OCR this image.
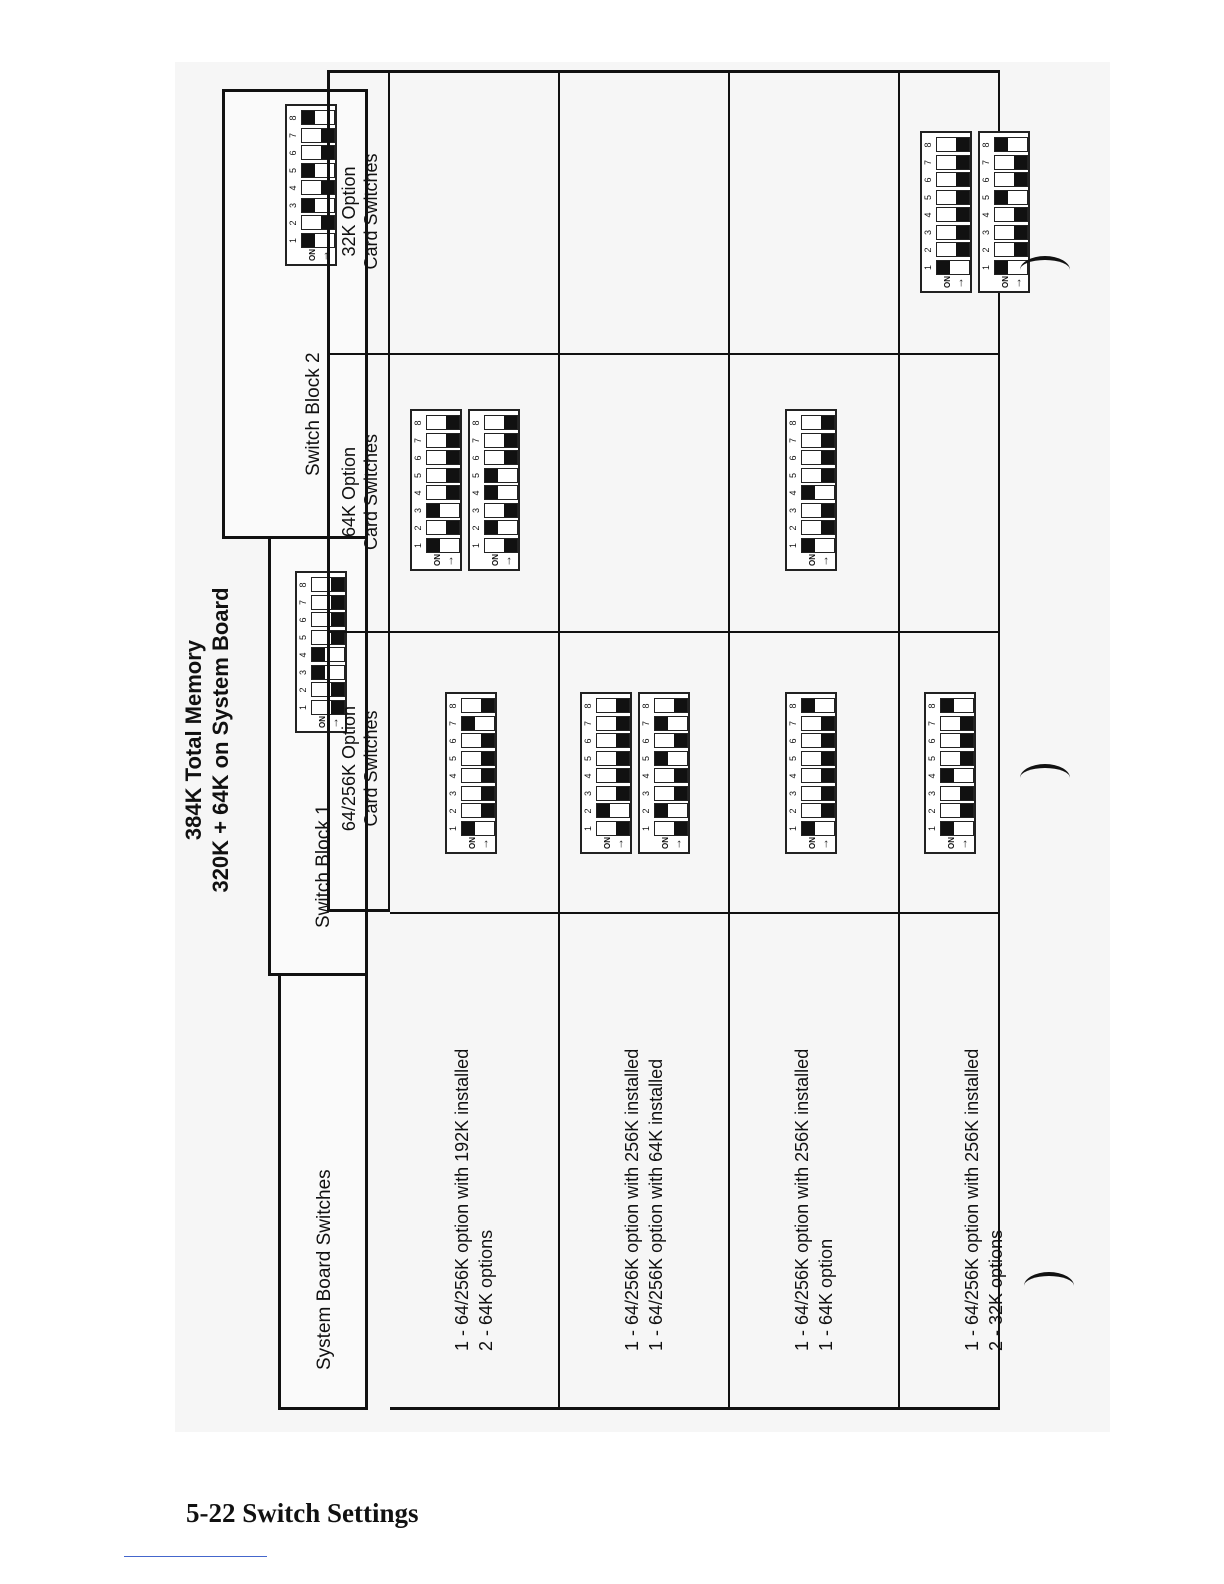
384K Total Memory 320K + 64K on System Board
System Board Switches
Switch Block 1
ON →
1
2
3
4
5
6
7
8
Switch Block 2
ON →
1
2
3
4
5
6
7
8
64/256K Option Card Switches
64K Option Card Switches
32K Option Card Switches
1 - 64/256K option with 192K installed 2 - 64K options
ON →
1
2
3
4
5
6
7
8
ON →
1
2
3
4
5
6
7
8
ON →
1
2
3
4
5
6
7
8
1 - 64/256K option with 256K installed 1 - 64/256K option with 64K installed
ON →
1
2
3
4
5
6
7
8
ON →
1
2
3
4
5
6
7
8
1 - 64/256K option with 256K installed 1 - 64K option
ON →
1
2
3
4
5
6
7
8
ON →
1
2
3
4
5
6
7
8
1 - 64/256K option with 256K installed 2 - 32K options
ON →
1
2
3
4
5
6
7
8
ON →
1
2
3
4
5
6
7
8
ON →
1
2
3
4
5
6
7
8
5-22 Switch Settings
